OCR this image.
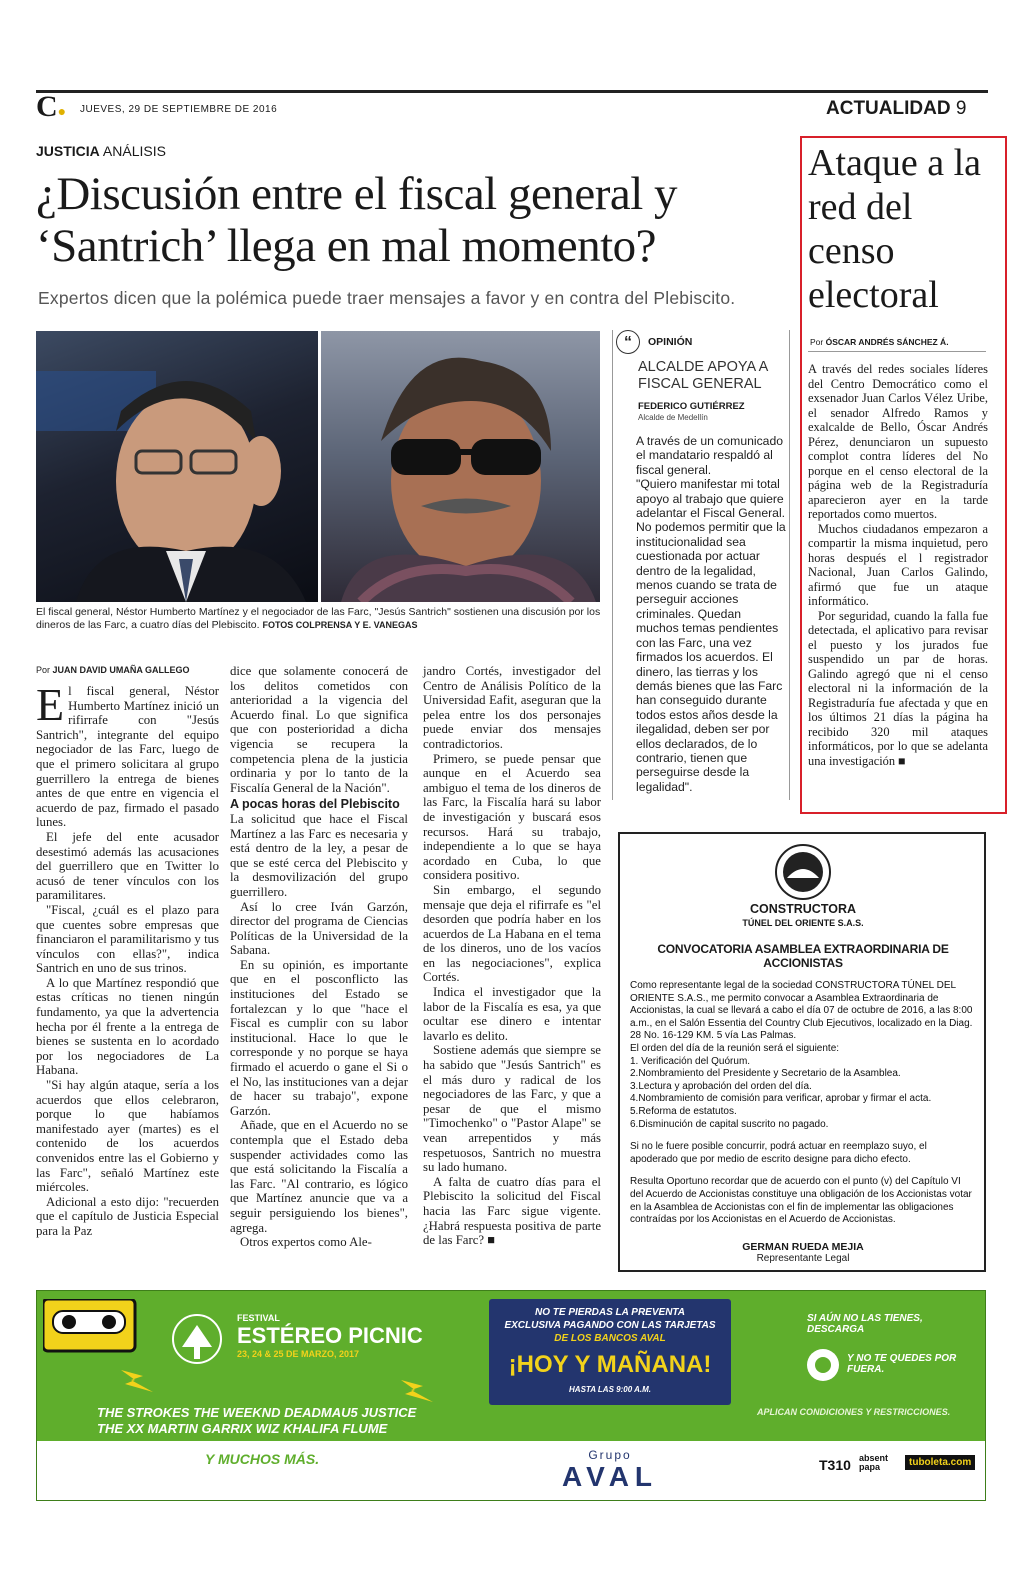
C● JUEVES, 29 DE SEPTIEMBRE DE 2016	ACTUALIDAD 9
JUSTICIA ANÁLISIS
¿Discusión entre el fiscal general y ‘Santrich’ llega en mal momento?
Expertos dicen que la polémica puede traer mensajes a favor y en contra del Plebiscito.
El fiscal general, Néstor Humberto Martínez y el negociador de las Farc, "Jesús Santrich" sostienen una discusión por los dineros de las Farc, a cuatro días del Plebiscito. FOTOS COLPRENSA Y E. VANEGAS
Por JUAN DAVID UMAÑA GALLEGO
E l fiscal general, Néstor Humberto Martínez inició un rifirrafe con "Jesús Santrich", integrante del equipo negociador de las Farc, luego de que el primero solicitara al grupo guerrillero la entrega de bienes antes de que entre en vigencia el acuerdo de paz, firmado el pasado lunes.

El jefe del ente acusador desestimó además las acusaciones del guerrillero que en Twitter lo acusó de tener vínculos con los paramilitares.

"Fiscal, ¿cuál es el plazo para que cuentes sobre empresas que financiaron el paramilitarismo y tus vínculos con ellas?", indica Santrich en uno de sus trinos.

A lo que Martínez respondió que estas críticas no tienen ningún fundamento, ya que la advertencia hecha por él frente a la entrega de bienes se sustenta en lo acordado por los negociadores de La Habana.

"Si hay algún ataque, sería a los acuerdos que ellos celebraron, porque lo que habíamos manifestado ayer (martes) es el contenido de los acuerdos convenidos entre las el Gobierno y las Farc", señaló Martínez este miércoles.

Adicional a esto dijo: "recuerden que el capítulo de Justicia Especial para la Paz

dice que solamente conocerá de los delitos cometidos con anterioridad a la vigencia del Acuerdo final. Lo que significa que con posterioridad a dicha vigencia se recupera la competencia plena de la justicia ordinaria y por lo tanto de la Fiscalía General de la Nación".

A pocas horas del Plebiscito

La solicitud que hace el Fiscal Martínez a las Farc es necesaria y está dentro de la ley, a pesar de que se esté cerca del Plebiscito y la desmovilización del grupo guerrillero.

Así lo cree Iván Garzón, director del programa de Ciencias Políticas de la Universidad de la Sabana.

En su opinión, es importante que en el posconflicto las instituciones del Estado se fortalezcan y lo que "hace el Fiscal es cumplir con su labor institucional. Hace lo que le corresponde y no porque se haya firmado el acuerdo o gane el Si o el No, las instituciones van a dejar de hacer su trabajo", expone Garzón.

Añade, que en el Acuerdo no se contempla que el Estado deba suspender actividades como las que está solicitando la Fiscalía a las Farc. "Al contrario, es lógico que Martínez anuncie que va a seguir persiguiendo los bienes", agrega.

Otros expertos como Ale-

jandro Cortés, investigador del Centro de Análisis Político de la Universidad Eafit, aseguran que la pelea entre los dos personajes puede enviar dos mensajes contradictorios.

Primero, se puede pensar que aunque en el Acuerdo sea ambiguo el tema de los dineros de las Farc, la Fiscalía hará su labor de investigación y buscará esos recursos. Hará su trabajo, independiente a lo que se haya acordado en Cuba, lo que considera positivo.

Sin embargo, el segundo mensaje que deja el rifirrafe es "el desorden que podría haber en los acuerdos de La Habana en el tema de los dineros, uno de los vacíos en las negociaciones", explica Cortés.

Indica el investigador que la labor de la Fiscalía es esa, ya que ocultar ese dinero e intentar lavarlo es delito.

Sostiene además que siempre se ha sabido que "Jesús Santrich" es el más duro y radical de los negociadores de las Farc, y que a pesar de que el mismo "Timochenko" o "Pastor Alape" se vean arrepentidos y más respetuosos, Santrich no muestra su lado humano.

A falta de cuatro días para el Plebiscito la solicitud del Fiscal hacia las Farc sigue vigente. ¿Habrá respuesta positiva de parte de las Farc? ■

“	OPINIÓN
ALCALDE APOYA A FISCAL GENERAL
FEDERICO GUTIÉRREZ
Alcalde de Medellín

A través de un comunicado el mandatario respaldó al fiscal general.

"Quiero manifestar mi total apoyo al trabajo que quiere adelantar el Fiscal General. No podemos permitir que la institucionalidad sea cuestionada por actuar dentro de la legalidad, menos cuando se trata de perseguir acciones criminales. Quedan muchos temas pendientes con las Farc, una vez firmados los acuerdos. El dinero, las tierras y los demás bienes que las Farc han conseguido durante todos estos años desde la ilegalidad, deben ser por ellos declarados, de lo contrario, tienen que perseguirse desde la legalidad".

Ataque a la red del censo electoral
Por ÓSCAR ANDRÉS SÁNCHEZ Á.

A través del redes sociales líderes del Centro Democrático como el exsenador Juan Carlos Vélez Uribe, el senador Alfredo Ramos y exalcalde de Bello, Óscar Andrés Pérez, denunciaron un supuesto complot contra líderes del No porque en el censo electoral de la página web de la Registraduría aparecieron ayer en la tarde reportados como muertos.

Muchos ciudadanos empezaron a compartir la misma inquietud, pero horas después el l registrador Nacional, Juan Carlos Galindo, afirmó que fue un ataque informático.

Por seguridad, cuando la falla fue detectada, el aplicativo para revisar el puesto y los jurados fue suspendido un par de horas. Galindo agregó que ni el censo electoral ni la información de la Registraduría fue afectada y que en los últimos 21 días la página ha recibido 320 mil ataques informáticos, por lo que se adelanta una investigación ■

CONSTRUCTORA
TÚNEL DEL ORIENTE S.A.S.
CONVOCATORIA ASAMBLEA EXTRAORDINARIA DE ACCIONISTAS

Como representante legal de la sociedad CONSTRUCTORA TÚNEL DEL ORIENTE S.A.S., me permito convocar a Asamblea Extraordinaria de Accionistas, la cual se llevará a cabo el día 07 de octubre de 2016, a las 8:00 a.m., en el Salón Essentia del Country Club Ejecutivos, localizado en la Diag. 28 No. 16-129 KM. 5 vía Las Palmas.

El orden del día de la reunión será el siguiente:

1. Verificación del Quórum.
2.Nombramiento del Presidente y Secretario de la Asamblea.
3.Lectura y aprobación del orden del día.
4.Nombramiento de comisión para verificar, aprobar y firmar el acta.
5.Reforma de estatutos.
6.Disminución de capital suscrito no pagado.

Si no le fuere posible concurrir, podrá actuar en reemplazo suyo, el apoderado que por medio de escrito designe para dicho efecto.

Resulta Oportuno recordar que de acuerdo con el punto (v) del Capítulo VI del Acuerdo de Accionistas constituye una obligación de los Accionistas votar en la Asamblea de Accionistas con el fin de implementar las obligaciones contraídas por los Accionistas en el Acuerdo de Accionistas.

GERMAN RUEDA MEJIA
Representante Legal
FESTIVAL
ESTÉREO PICNIC
23, 24 & 25 DE MARZO, 2017
THE STROKES THE WEEKND DEADMAU5 JUSTICE
THE XX MARTIN GARRIX WIZ KHALIFA FLUME
Y MUCHOS MÁS.
NO TE PIERDAS LA PREVENTA
EXCLUSIVA PAGANDO CON LAS TARJETAS
DE LOS BANCOS AVAL
¡HOY Y MAÑANA!
HASTA LAS 9:00 A.M.
SI AÚN NO LAS TIENES, DESCARGA
Y NO TE QUEDES POR FUERA.
APLICAN CONDICIONES Y RESTRICCIONES.
Grupo
AVAL	T310 absent papa	tuboleta.com
